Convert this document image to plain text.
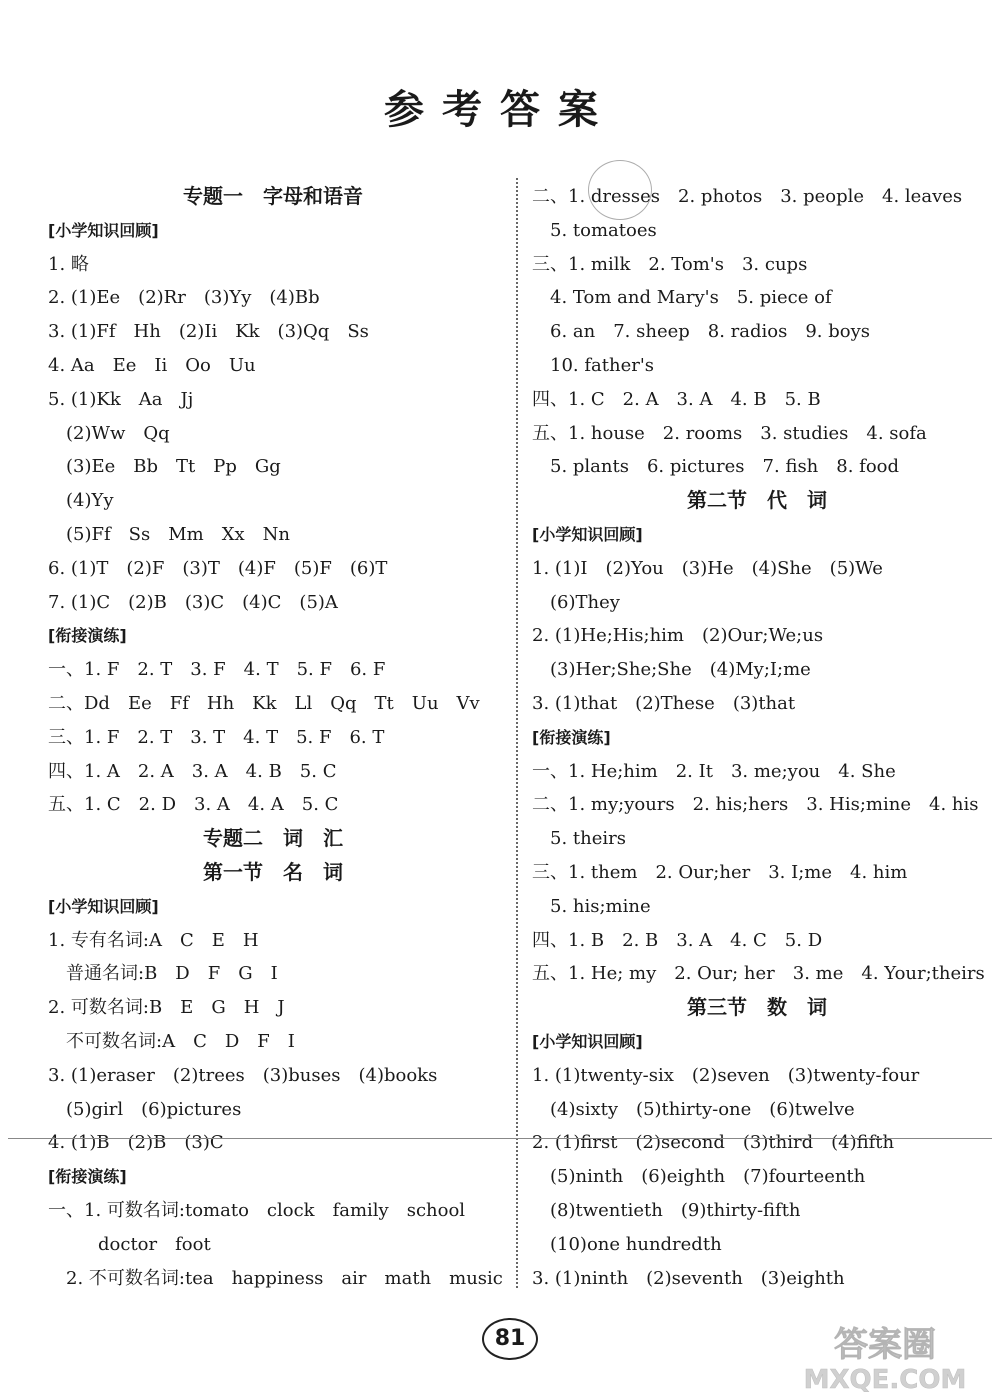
参考答案
专题一　字母和语音
[小学知识回顾]
1. 略
2. (1)Ee　(2)Rr　(3)Yy　(4)Bb
3. (1)Ff　Hh　(2)Ii　Kk　(3)Qq　Ss
4. Aa　Ee　Ii　Oo　Uu
5. (1)Kk　Aa　Jj
(2)Ww　Qq
(3)Ee　Bb　Tt　Pp　Gg
(4)Yy
(5)Ff　Ss　Mm　Xx　Nn
6. (1)T　(2)F　(3)T　(4)F　(5)F　(6)T
7. (1)C　(2)B　(3)C　(4)C　(5)A
[衔接演练]
一、1. F　2. T　3. F　4. T　5. F　6. F
二、Dd　Ee　Ff　Hh　Kk　Ll　Qq　Tt　Uu　Vv
三、1. F　2. T　3. T　4. T　5. F　6. T
四、1. A　2. A　3. A　4. B　5. C
五、1. C　2. D　3. A　4. A　5. C
专题二　词　汇
第一节　名　词
[小学知识回顾]
1. 专有名词:A　C　E　H
普通名词:B　D　F　G　I
2. 可数名词:B　E　G　H　J
不可数名词:A　C　D　F　I
3. (1)eraser　(2)trees　(3)buses　(4)books
(5)girl　(6)pictures
4. (1)B　(2)B　(3)C
[衔接演练]
一、1. 可数名词:tomato　clock　family　school
doctor　foot
2. 不可数名词:tea　happiness　air　math　music
二、1. dresses　2. photos　3. people　4. leaves
5. tomatoes
三、1. milk　2. Tom's　3. cups
4. Tom and Mary's　5. piece of
6. an　7. sheep　8. radios　9. boys
10. father's
四、1. C　2. A　3. A　4. B　5. B
五、1. house　2. rooms　3. studies　4. sofa
5. plants　6. pictures　7. fish　8. food
第二节　代　词
[小学知识回顾]
1. (1)I　(2)You　(3)He　(4)She　(5)We
(6)They
2. (1)He;His;him　(2)Our;We;us
(3)Her;She;She　(4)My;I;me
3. (1)that　(2)These　(3)that
[衔接演练]
一、1. He;him　2. It　3. me;you　4. She
二、1. my;yours　2. his;hers　3. His;mine　4. his
5. theirs
三、1. them　2. Our;her　3. I;me　4. him
5. his;mine
四、1. B　2. B　3. A　4. C　5. D
五、1. He; my　2. Our; her　3. me　4. Your;theirs
第三节　数　词
[小学知识回顾]
1. (1)twenty-six　(2)seven　(3)twenty-four
(4)sixty　(5)thirty-one　(6)twelve
2. (1)first　(2)second　(3)third　(4)fifth
(5)ninth　(6)eighth　(7)fourteenth
(8)twentieth　(9)thirty-fifth
(10)one hundredth
3. (1)ninth　(2)seventh　(3)eighth
81	答案圈
MXQE.COM
